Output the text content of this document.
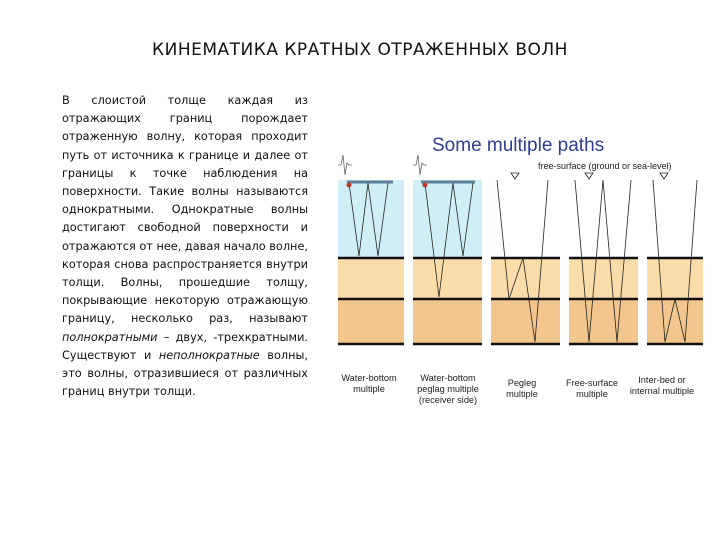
КИНЕМАТИКА КРАТНЫХ ОТРАЖЕННЫХ ВОЛН
В слоистой толще каждая из отражающих границ порождает отраженную волну, которая проходит путь от источника к границе и далее от границы к точке наблюдения на поверхности. Такие волны называются однократными. Однократные волны достигают свободной поверхности и отражаются от нее, давая начало волне, которая снова распространяется внутри толщи. Волны, прошедшие толщу, покрывающие некоторую отражающую границу, несколько раз, называют полнократными – двух, -трехкратными. Существуют и неполнократные волны, это волны, отразившиеся от различных границ внутри толщи.
Some multiple paths
free-surface (ground or sea-level)
Water-bottom
multiple
Water-bottom
peglag multiple
(receiver side)
Pegleg
multiple
Free-surface
multiple
Inter-bed or
internal multiple
